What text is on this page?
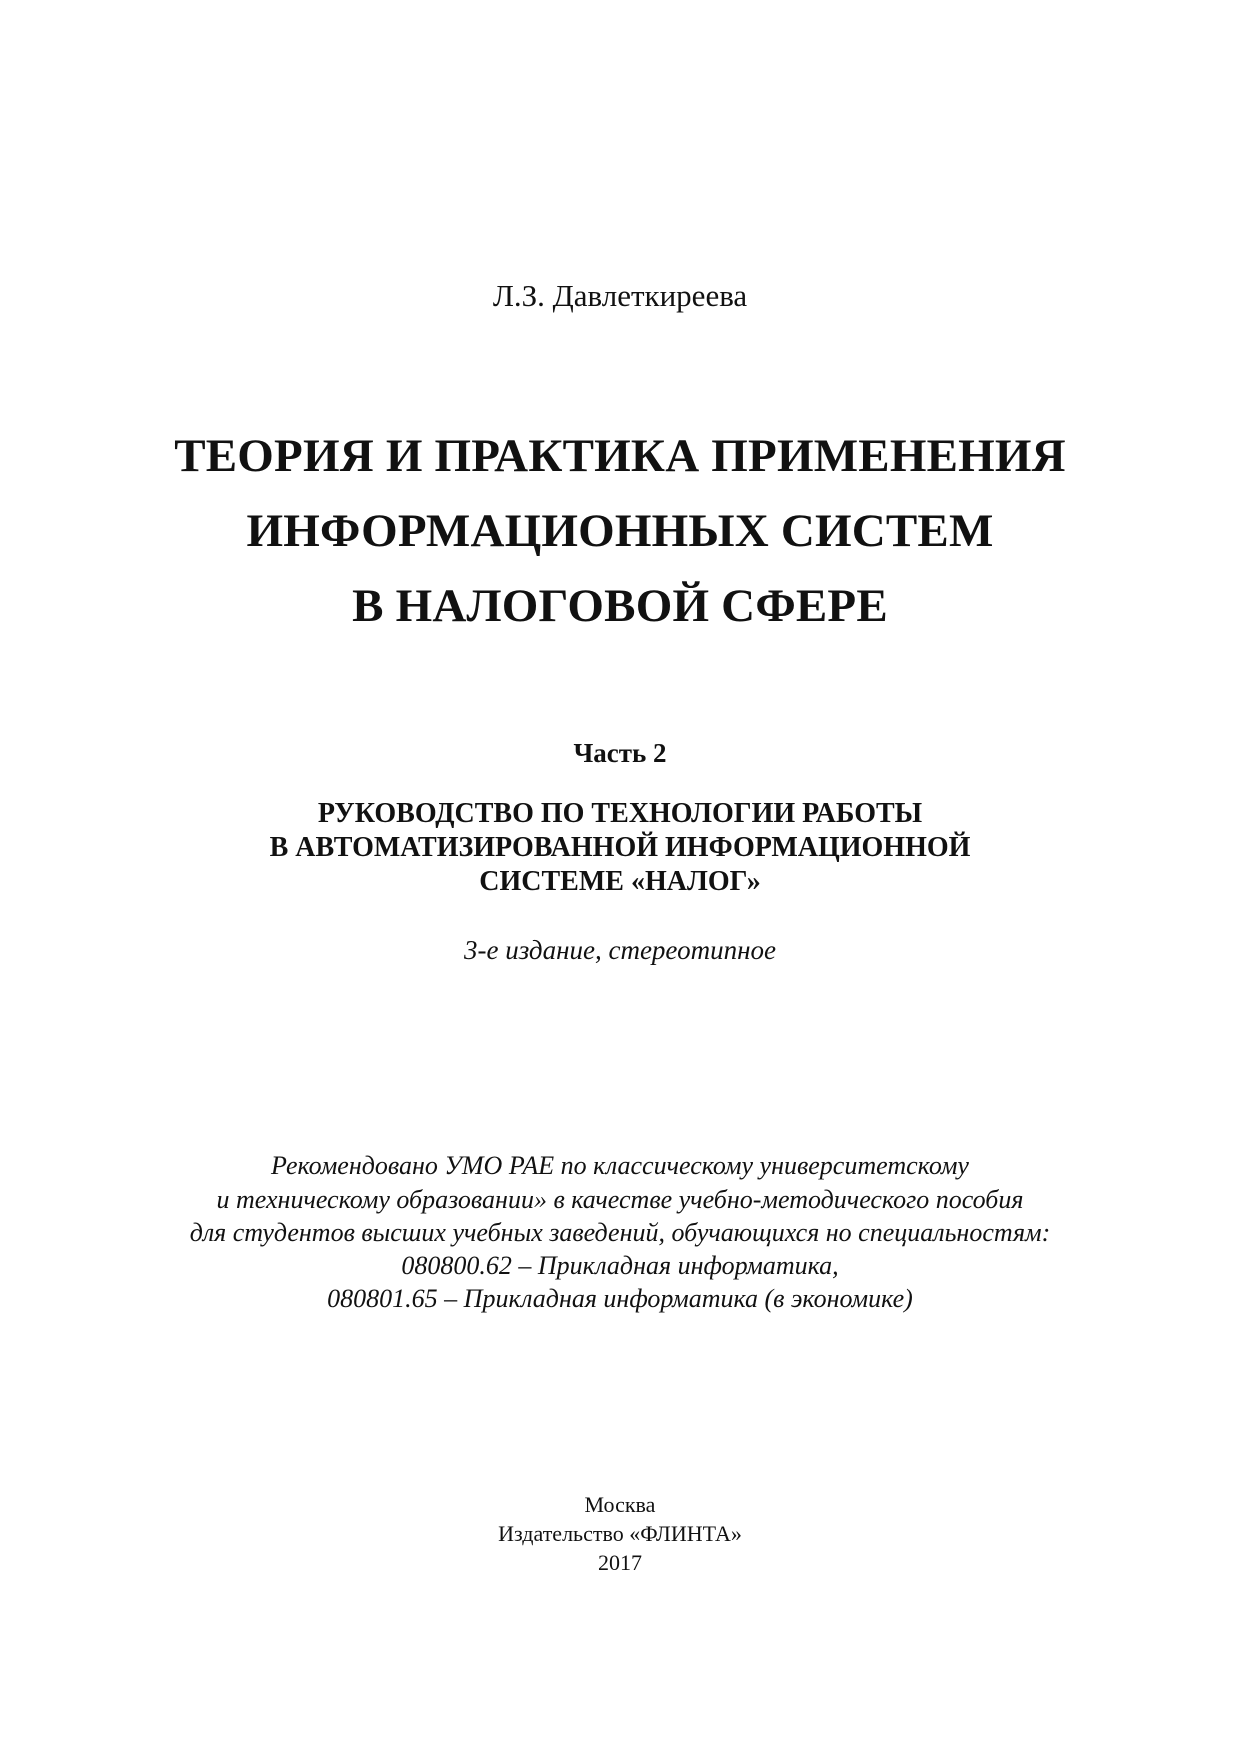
Л.З. Давлеткиреева

ТЕОРИЯ И ПРАКТИКА ПРИМЕНЕНИЯ

ИНФОРМАЦИОННЫХ СИСТЕМ

В НАЛОГОВОЙ СФЕРЕ

Часть 2

РУКОВОДСТВО ПО ТЕХНОЛОГИИ РАБОТЫ

В АВТОМАТИЗИРОВАННОЙ ИНФОРМАЦИОННОЙ

СИСТЕМЕ «НАЛОГ»

3-е издание, стереотипное

Рекомендовано УМО РАЕ по классическому университетскому

и техническому образовании» в качестве учебно-методического пособия

для студентов высших учебных заведений, обучающихся но специальностям:

080800.62 – Прикладная информатика,

080801.65 – Прикладная информатика (в экономике)

Москва

Издательство «ФЛИНТА»

2017
